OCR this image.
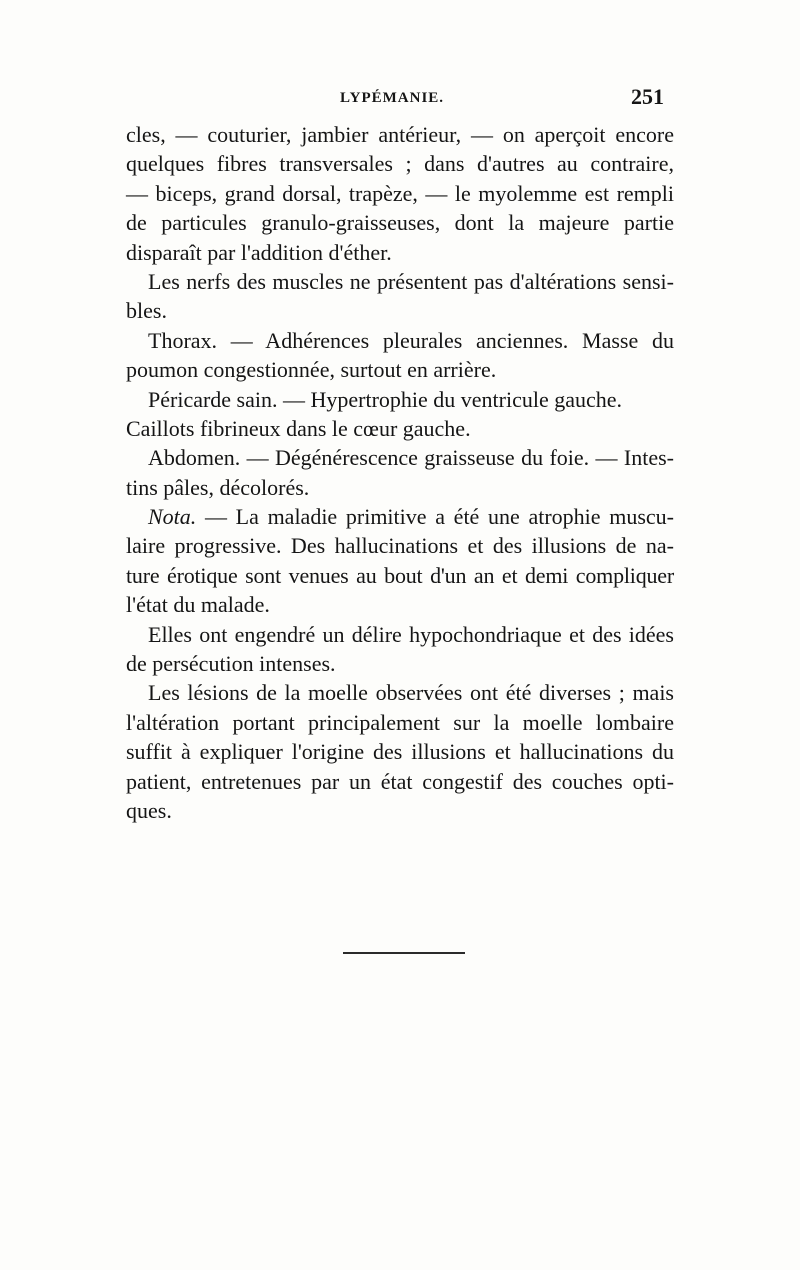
LYPÉMANIE.	251
cles, — couturier, jambier antérieur, — on aperçoit encore
quelques fibres transversales ; dans d'autres au contraire,
— biceps, grand dorsal, trapèze, — le myolemme est rempli
de particules granulo-graisseuses, dont la majeure partie
disparaît par l'addition d'éther.
Les nerfs des muscles ne présentent pas d'altérations sensi-
bles.
Thorax. — Adhérences pleurales anciennes. Masse du
poumon congestionnée, surtout en arrière.
Péricarde sain. — Hypertrophie du ventricule gauche.
Caillots fibrineux dans le cœur gauche.
Abdomen. — Dégénérescence graisseuse du foie. — Intes-
tins pâles, décolorés.
Nota. — La maladie primitive a été une atrophie muscu-
laire progressive. Des hallucinations et des illusions de na-
ture érotique sont venues au bout d'un an et demi compliquer
l'état du malade.
Elles ont engendré un délire hypochondriaque et des idées
de persécution intenses.
Les lésions de la moelle observées ont été diverses ; mais
l'altération portant principalement sur la moelle lombaire
suffit à expliquer l'origine des illusions et hallucinations du
patient, entretenues par un état congestif des couches opti-
ques.
